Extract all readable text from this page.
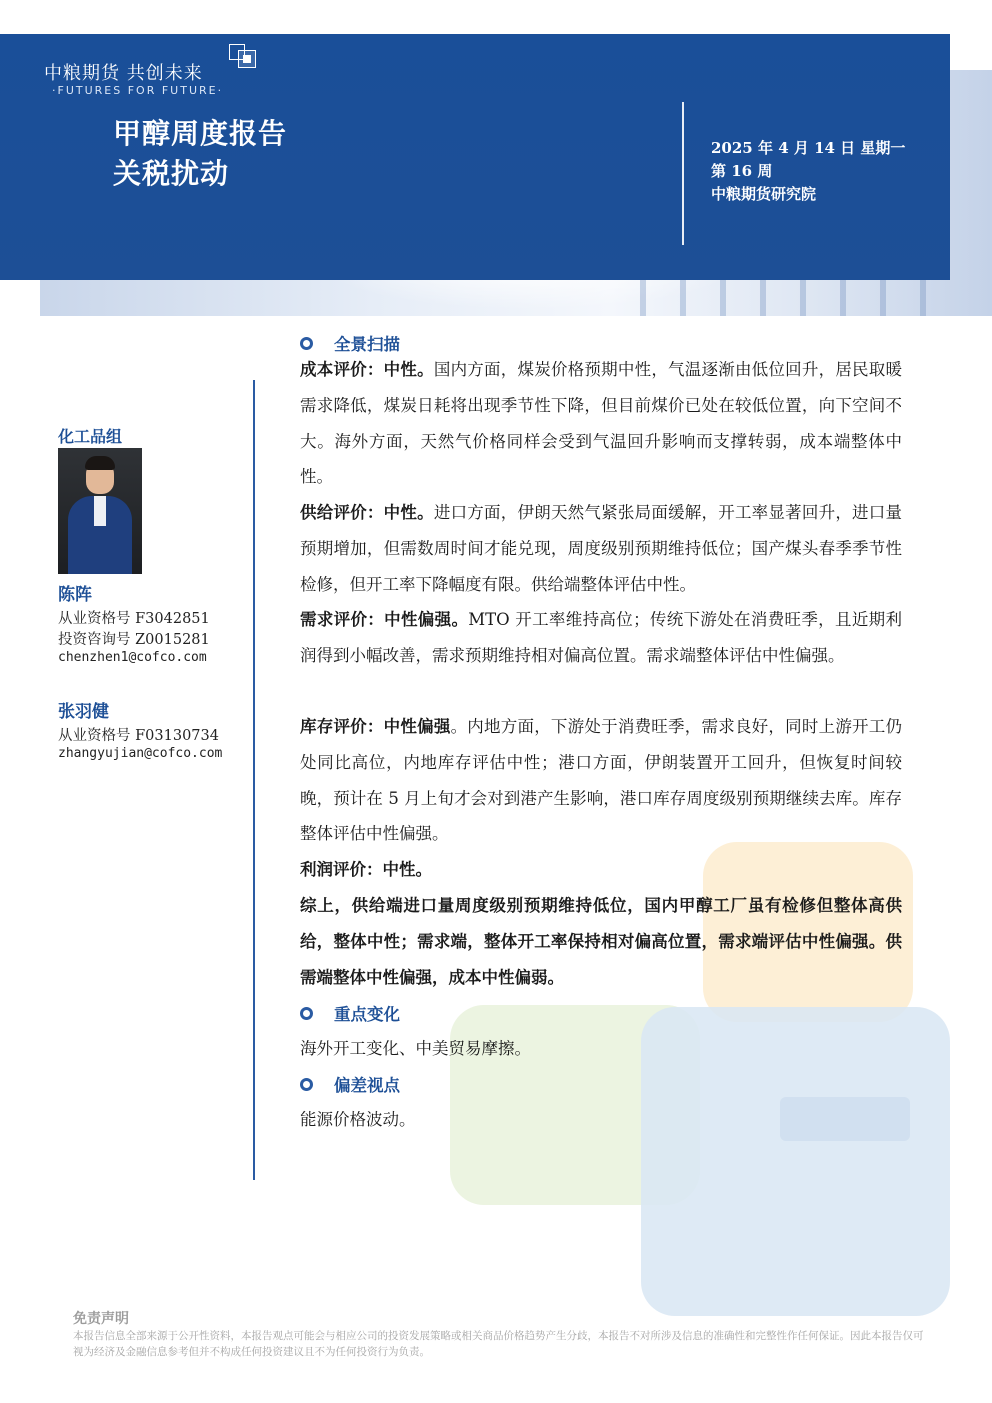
中粮期货 共创未来
·FUTURES FOR FUTURE·
甲醇周度报告
关税扰动
2025 年 4 月 14 日 星期一
第 16 周
中粮期货研究院
化工品组
陈阵
从业资格号 F3042851
投资咨询号 Z0015281
chenzhen1@cofco.com
张羽健
从业资格号 F03130734
zhangyujian@cofco.com
全景扫描
成本评价：中性。国内方面，煤炭价格预期中性，气温逐渐由低位回升，居民取暖需求降低，煤炭日耗将出现季节性下降，但目前煤价已处在较低位置，向下空间不大。海外方面，天然气价格同样会受到气温回升影响而支撑转弱，成本端整体中性。
供给评价：中性。进口方面，伊朗天然气紧张局面缓解，开工率显著回升，进口量预期增加，但需数周时间才能兑现，周度级别预期维持低位；国产煤头春季季节性检修，但开工率下降幅度有限。供给端整体评估中性。
需求评价：中性偏强。MTO 开工率维持高位；传统下游处在消费旺季，且近期利润得到小幅改善，需求预期维持相对偏高位置。需求端整体评估中性偏强。
库存评价：中性偏强。内地方面，下游处于消费旺季，需求良好，同时上游开工仍处同比高位，内地库存评估中性；港口方面，伊朗装置开工回升，但恢复时间较晚，预计在 5 月上旬才会对到港产生影响，港口库存周度级别预期继续去库。库存整体评估中性偏强。
利润评价：中性。
综上，供给端进口量周度级别预期维持低位，国内甲醇工厂虽有检修但整体高供给，整体中性；需求端，整体开工率保持相对偏高位置，需求端评估中性偏强。供需端整体中性偏强，成本中性偏弱。
重点变化
海外开工变化、中美贸易摩擦。
偏差视点
能源价格波动。
免责声明
本报告信息全部来源于公开性资料，本报告观点可能会与相应公司的投资发展策略或相关商品价格趋势产生分歧，本报告不对所涉及信息的准确性和完整性作任何保证。因此本报告仅可视为经济及金融信息参考但并不构成任何投资建议且不为任何投资行为负责。
